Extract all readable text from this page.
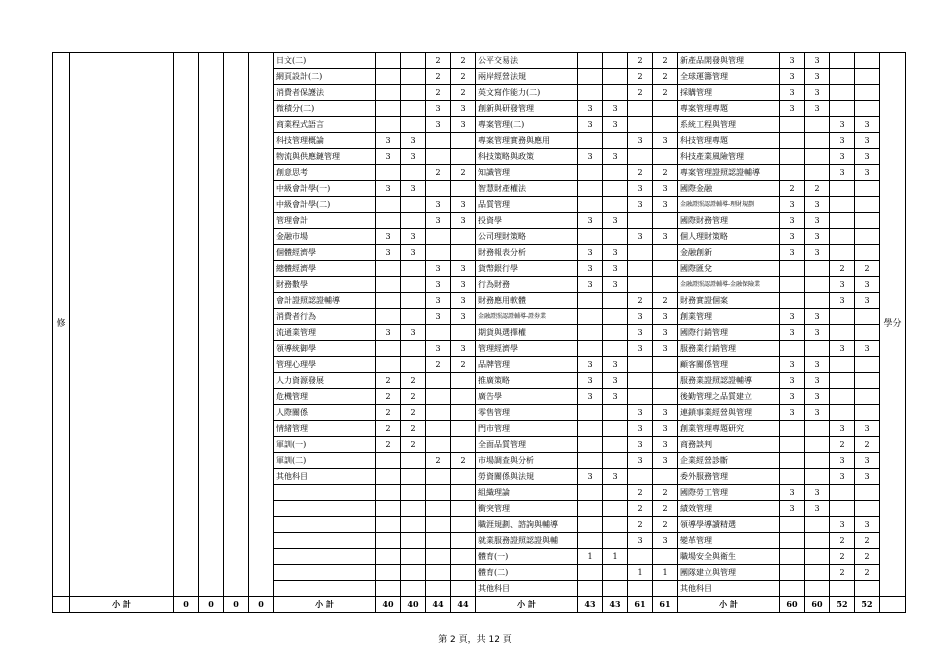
修						日文(二)			2	2	公平交易法			2	2	新產品開發與管理	3	3			學分
						網頁設計(二)			2	2	兩岸經營法規			2	2	全球運籌管理	3	3			
						消費者保護法			2	2	英文寫作能力(二)			2	2	採購管理	3	3			
						微積分(二)			3	3	創新與研發管理	3	3			專案管理專題	3	3			
						商業程式語言			3	3	專案管理(二)	3	3			系統工程與管理			3	3	
						科技管理概論	3	3			專案管理實務與應用			3	3	科技管理專題			3	3	
						物流與供應鏈管理	3	3			科技策略與政策	3	3			科技產業風險管理			3	3	
						創意思考			2	2	知識管理			2	2	專案管理證照認證輔導			3	3	
						中級會計學(一)	3	3			智慧財產權法			3	3	國際金融	2	2			
						中級會計學(二)			3	3	品質管理			3	3	金融證照認證輔導-理財規劃	3	3			
						管理會計			3	3	投資學	3	3			國際財務管理	3	3			
						金融市場	3	3			公司理財策略			3	3	個人理財策略	3	3			
						個體經濟學	3	3			財務報表分析	3	3			金融創新	3	3			
						總體經濟學			3	3	貨幣銀行學	3	3			國際匯兌			2	2	
						財務數學			3	3	行為財務	3	3			金融證照認證輔導-金融保險業			3	3	
						會計證照認證輔導			3	3	財務應用軟體			2	2	財務實證個案			3	3	
						消費者行為			3	3	金融證照認證輔導-證券業			3	3	創業管理	3	3			
						流通業管理	3	3			期貨與選擇權			3	3	國際行銷管理	3	3			
						領導統御學			3	3	管理經濟學			3	3	服務業行銷管理			3	3	
						管理心理學			2	2	品牌管理	3	3			顧客關係管理	3	3			
						人力資源發展	2	2			推廣策略	3	3			服務業證照認證輔導	3	3			
						危機管理	2	2			廣告學	3	3			後勤管理之品質建立	3	3			
						人際關係	2	2			零售管理			3	3	連鎖事業經營與管理	3	3			
						情緒管理	2	2			門市管理			3	3	創業管理專題研究			3	3	
						軍訓(一)	2	2			全面品質管理			3	3	商務談判			2	2	
						軍訓(二)			2	2	市場調查與分析			3	3	企業經營診斷			3	3	
						其他科目					勞資關係與法規	3	3			委外服務管理			3	3	
											組織理論			2	2	國際勞工管理	3	3			
											衝突管理			2	2	績效管理	3	3			
											職涯規劃、諮詢與輔導			2	2	領導學導讀精選			3	3	
											就業服務證照認證與輔			3	3	變革管理			2	2	
											體育(一)	1	1			職場安全與衛生			2	2	
											體育(二)			1	1	團隊建立與管理			2	2	
											其他科目					其他科目					
	小 計	0	0	0	0	小 計	40	40	44	44	小 計	43	43	61	61	小 計	60	60	52	52	
第 2 頁，共 12 頁
